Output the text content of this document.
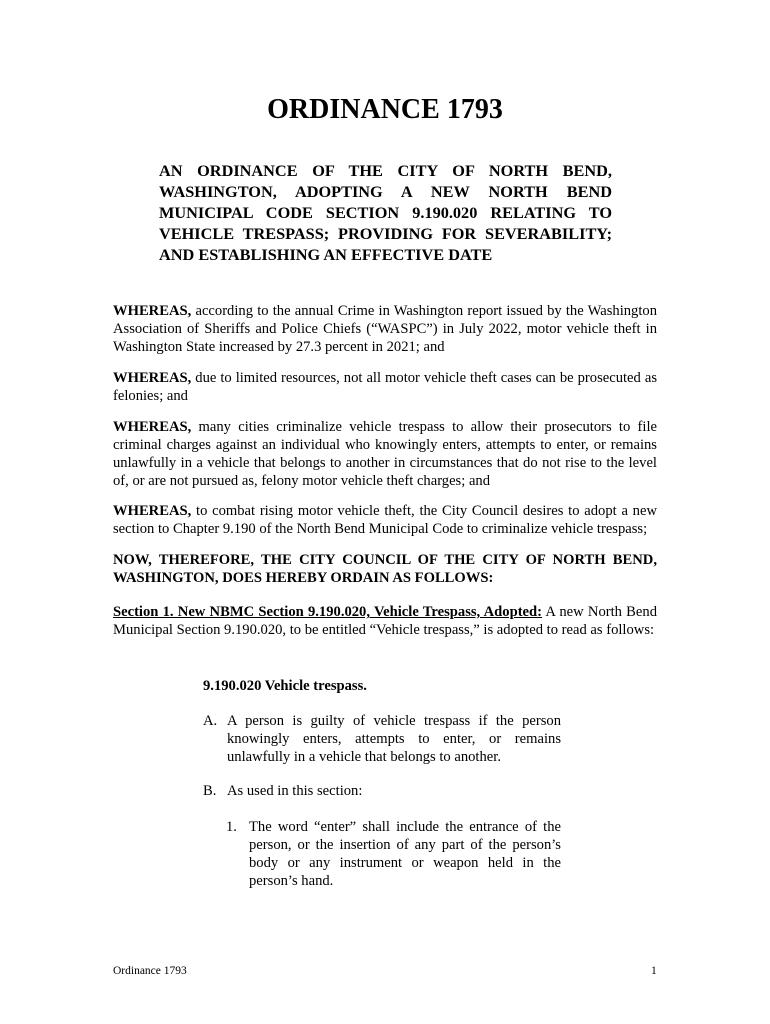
ORDINANCE 1793
AN ORDINANCE OF THE CITY OF NORTH BEND, WASHINGTON, ADOPTING A NEW NORTH BEND MUNICIPAL CODE SECTION 9.190.020 RELATING TO VEHICLE TRESPASS; PROVIDING FOR SEVERABILITY; AND ESTABLISHING AN EFFECTIVE DATE
WHEREAS, according to the annual Crime in Washington report issued by the Washington Association of Sheriffs and Police Chiefs (“WASPC”) in July 2022, motor vehicle theft in Washington State increased by 27.3 percent in 2021; and
WHEREAS, due to limited resources, not all motor vehicle theft cases can be prosecuted as felonies; and
WHEREAS, many cities criminalize vehicle trespass to allow their prosecutors to file criminal charges against an individual who knowingly enters, attempts to enter, or remains unlawfully in a vehicle that belongs to another in circumstances that do not rise to the level of, or are not pursued as, felony motor vehicle theft charges; and
WHEREAS, to combat rising motor vehicle theft, the City Council desires to adopt a new section to Chapter 9.190 of the North Bend Municipal Code to criminalize vehicle trespass;
NOW, THEREFORE, THE CITY COUNCIL OF THE CITY OF NORTH BEND, WASHINGTON, DOES HEREBY ORDAIN AS FOLLOWS:
Section 1. New NBMC Section 9.190.020, Vehicle Trespass, Adopted: A new North Bend Municipal Section 9.190.020, to be entitled “Vehicle trespass,” is adopted to read as follows:
9.190.020 Vehicle trespass.
A. A person is guilty of vehicle trespass if the person knowingly enters, attempts to enter, or remains unlawfully in a vehicle that belongs to another.
B. As used in this section:
1. The word “enter” shall include the entrance of the person, or the insertion of any part of the person’s body or any instrument or weapon held in the person’s hand.
Ordinance 1793	1
